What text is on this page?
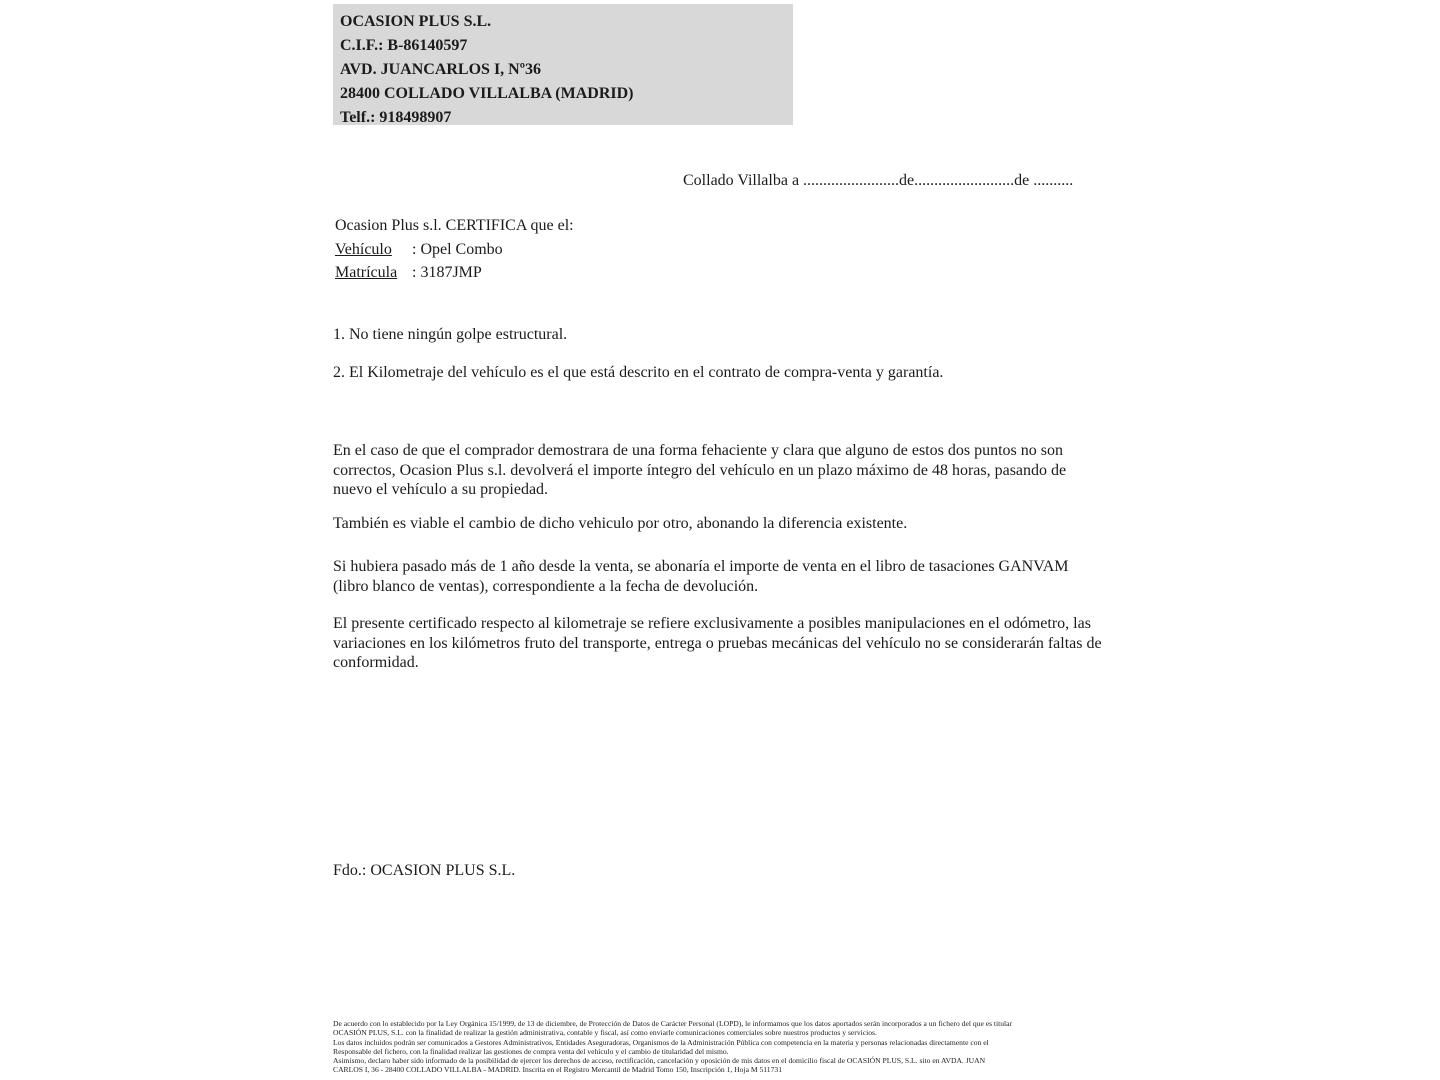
OCASION PLUS S.L.
C.I.F.: B-86140597
AVD. JUANCARLOS I, Nº36
28400 COLLADO VILLALBA (MADRID)
Telf.: 918498907
Collado Villalba a ........................de.........................de ..........
Ocasion Plus s.l. CERTIFICA que el:
Vehículo : Opel Combo
Matrícula : 3187JMP
1. No tiene ningún golpe estructural.
2. El Kilometraje del vehículo es el que está descrito en el contrato de compra-venta y garantía.
En el caso de que el comprador demostrara de una forma fehaciente y clara que alguno de estos dos puntos no son correctos, Ocasion Plus s.l. devolverá el importe íntegro del vehículo en un plazo máximo de 48 horas, pasando de nuevo el vehículo a su propiedad.
También es viable el cambio de dicho vehiculo por otro, abonando la diferencia existente.
Si hubiera pasado más de 1 año desde la venta, se abonaría el importe de venta en el libro de tasaciones GANVAM (libro blanco de ventas), correspondiente a la fecha de devolución.
El presente certificado respecto al kilometraje se refiere exclusivamente a posibles manipulaciones en el odómetro, las variaciones en los kilómetros fruto del transporte, entrega o pruebas mecánicas del vehículo no se considerarán faltas de conformidad.
Fdo.: OCASION PLUS S.L.
De acuerdo con lo establecido por la Ley Orgánica 15/1999, de 13 de diciembre, de Protección de Datos de Carácter Personal (LOPD), le informamos que los datos aportados serán incorporados a un fichero del que es titular
OCASIÓN PLUS, S.L. con la finalidad de realizar la gestión administrativa, contable y fiscal, así como enviarle comunicaciones comerciales sobre nuestros productos y servicios.
Los datos incluidos podrán ser comunicados a Gestores Administrativos, Entidades Aseguradoras, Organismos de la Administración Pública con competencia en la materia y personas relacionadas directamente con el
Responsable del fichero, con la finalidad realizar las gestiones de compra venta del vehículo y el cambio de titularidad del mismo.
Asimismo, declaro haber sido informado de la posibilidad de ejercer los derechos de acceso, rectificación, cancelación y oposición de mis datos en el domicilio fiscal de OCASIÓN PLUS, S.L. sito en AVDA. JUAN
CARLOS I, 36 - 28400 COLLADO VILLALBA - MADRID. Inscrita en el Registro Mercantil de Madrid Tomo 150, Inscripción 1, Hoja M 511731
